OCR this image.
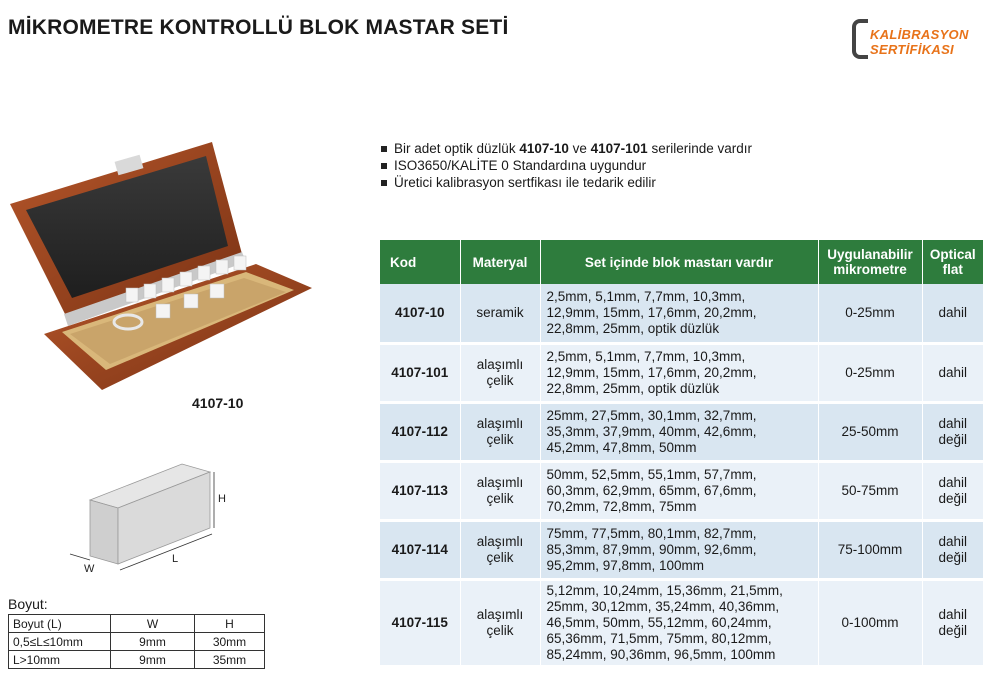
MİKROMETRE KONTROLLÜ BLOK MASTAR SETİ	KALİBRASYON
SERTİFİKASI
4107-10
H
L
W
Boyut:
Boyut (L)	W	H
0,5≤L≤10mm	9mm	30mm
L>10mm	9mm	35mm
Bir adet optik düzlük 4107-10 ve 4107-101 serilerinde vardır
ISO3650/KALİTE 0 Standardına uygundur
Üretici kalibrasyon sertfikası ile tedarik edilir
Kod	Materyal	Set içinde blok mastarı vardır	Uygulanabilir
mikrometre	Optical
flat
4107-10	seramik	2,5mm, 5,1mm, 7,7mm, 10,3mm,
12,9mm, 15mm, 17,6mm, 20,2mm,
22,8mm, 25mm, optik düzlük	0-25mm	dahil
4107-101	alaşımlı
çelik	2,5mm, 5,1mm, 7,7mm, 10,3mm,
12,9mm, 15mm, 17,6mm, 20,2mm,
22,8mm, 25mm, optik düzlük	0-25mm	dahil
4107-112	alaşımlı
çelik	25mm, 27,5mm, 30,1mm, 32,7mm,
35,3mm, 37,9mm, 40mm, 42,6mm,
45,2mm, 47,8mm, 50mm	25-50mm	dahil
değil
4107-113	alaşımlı
çelik	50mm, 52,5mm, 55,1mm, 57,7mm,
60,3mm, 62,9mm, 65mm, 67,6mm,
70,2mm, 72,8mm, 75mm	50-75mm	dahil
değil
4107-114	alaşımlı
çelik	75mm, 77,5mm, 80,1mm, 82,7mm,
85,3mm, 87,9mm, 90mm, 92,6mm,
95,2mm, 97,8mm, 100mm	75-100mm	dahil
değil
4107-115	alaşımlı
çelik	5,12mm, 10,24mm, 15,36mm, 21,5mm,
25mm, 30,12mm, 35,24mm, 40,36mm,
46,5mm, 50mm, 55,12mm, 60,24mm,
65,36mm, 71,5mm, 75mm, 80,12mm,
85,24mm, 90,36mm, 96,5mm, 100mm	0-100mm	dahil
değil
